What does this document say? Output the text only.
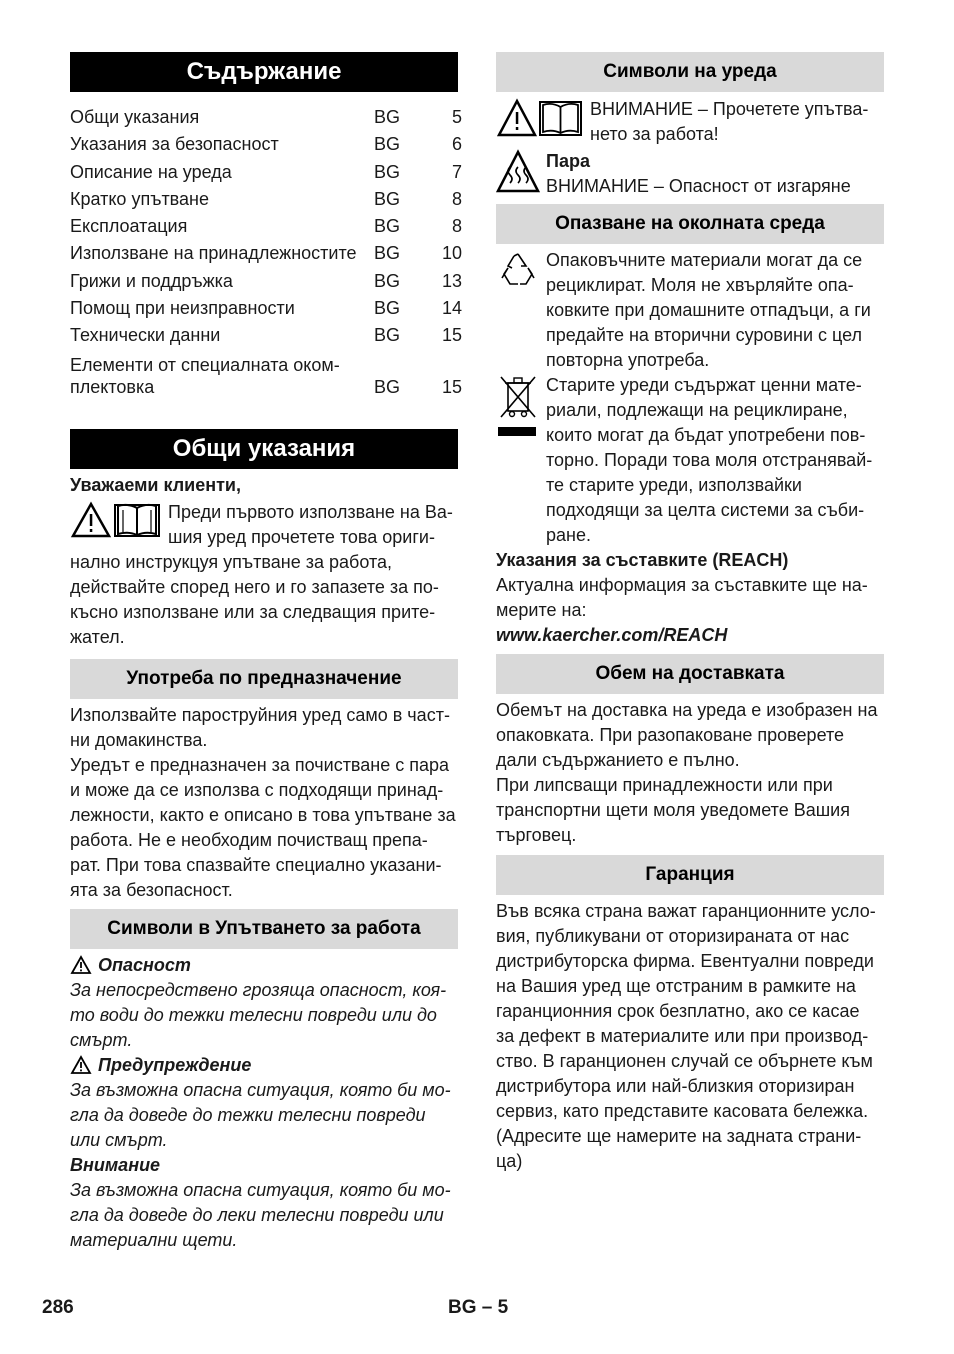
Съдържание
Общи указания	BG	5
Указания за безопасност	BG	6
Описание на уреда	BG	7
Кратко упътване	BG	8
Експлоатация	BG	8
Използване на принадлежностите BG	10
Грижи и поддръжка	BG	13
Помощ при неизправности	BG	14
Технически данни	BG	15
Елементи от специалната оком-
плектовка	BG	15
Общи указания

Уважаеми клиенти,

Преди първото използване на Ва-

шия уред прочетете това ориги-

нално инструкцуя упътване за работа,

действайте според него и го запазете за по-

късно използване или за следващия прите-

жател.

Употреба по предназначение

Използвайте пароструйния уред само в част-

ни домакинства.

Уредът е предназначен за почистване с пара

и може да се използва с подходящи принад-

лежности, както е описано в това упътване за

работа. Не е необходим почистващ препа-

рат. При това спазвайте специално указани-

ята за безопасност.

Символи в Упътването за работа
Опасност

За непосредствено грозяща опасност, коя-

то води до тежки телесни повреди или до

смърт.

Предупреждение

За възможна опасна ситуация, която би мо-

гла да доведе до тежки телесни повреди

или смърт.

Внимание

За възможна опасна ситуация, която би мо-

гла да доведе до леки телесни повреди или

материални щети.

Символи на уреда

ВНИМАНИЕ – Прочетете упътва-

нето за работа!

Пара

ВНИМАНИЕ – Опасност от изгаряне

Опазване на околната среда

Опаковъчните материали могат да се

рециклират. Моля не хвърляйте опа-

ковките при домашните отпадъци, а ги

предайте на вторични суровини с цел

повторна употреба.

Старите уреди съдържат ценни мате-

риали, подлежащи на рециклиране,

които могат да бъдат употребени пов-

торно. Поради това моля отстранявай-

те старите уреди, използвайки

подходящи за целта системи за съби-

ране.

Указания за съставките (REACH)

Актуална информация за съставките ще на-

мерите на:

www.kaercher.com/REACH

Обем на доставката

Обемът на доставка на уреда е изобразен на

опаковката. При разопаковане проверете

дали съдържанието е пълно.

При липсващи принадлежности или при

транспортни щети моля уведомете Вашия

търговец.

Гаранция

Във всяка страна важат гаранционните усло-

вия, публикувани от оторизираната от нас

дистрибуторска фирма. Евентуални повреди

на Вашия уред ще отстраним в рамките на

гаранционния срок безплатно, ако се касае

за дефект в материалите или при производ-

ство. В гаранционен случай се обърнете към

дистрибутора или най-близкия оторизиран

сервиз, като представите касовата бележка.

(Адресите ще намерите на задната страни-

ца)

286	BG – 5
